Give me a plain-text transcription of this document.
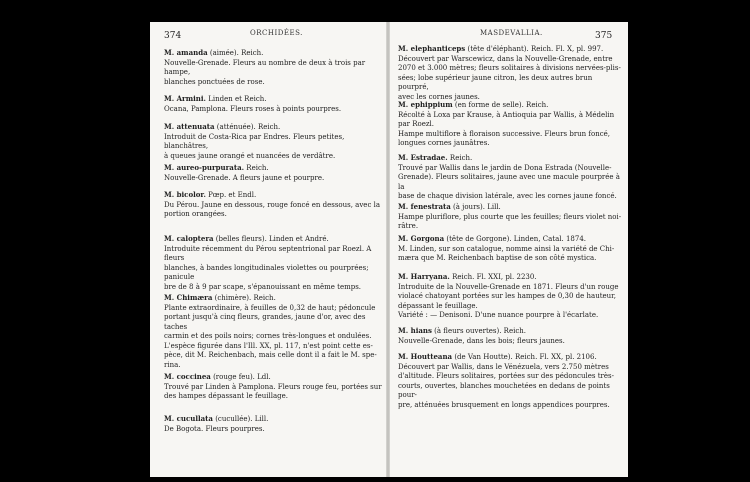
374	ORCHIDÉES.

M. amanda (aimée). Reich.

Nouvelle-Grenade. Fleurs au nombre de deux à trois par hampe,

blanches ponctuées de rose.

M. Armini. Linden et Reich.

Ocana, Pamplona. Fleurs roses à points pourpres.

M. attenuata (atténuée). Reich.

Introduit de Costa-Rica par Endres. Fleurs petites, blanchâtres,

à queues jaune orangé et nuancées de verdâtre.

M. aureo-purpurata. Reich.

Nouvelle-Grenade. A fleurs jaune et pourpre.

M. bicolor. Pœp. et Endl.

Du Pérou. Jaune en dessous, rouge foncé en dessous, avec la

portion orangées.

M. caloptera (belles fleurs). Linden et André.

Introduite récemment du Pérou septentrional par Roezl. A fleurs

blanches, à bandes longitudinales violettes ou pourprées; panicule

bre de 8 à 9 par scape, s'épanouissant en même temps.

M. Chimæra (chimère). Reich.

Plante extraordinaire, à feuilles de 0,32 de haut; pédoncule

portant jusqu'à cinq fleurs, grandes, jaune d'or, avec des taches

carmin et des poils noirs; cornes très-longues et ondulées.

L'espèce figurée dans l'Ill. XX, pl. 117, n'est point cette es-

pèce, dit M. Reichenbach, mais celle dont il a fait le M. spe-

rina.

M. coccinea (rouge feu). Ldl.

Trouvé par Linden à Pamplona. Fleurs rouge feu, portées sur

des hampes dépassant le feuillage.

M. cucullata (cucullée). Lill.

De Bogota. Fleurs pourpres.

MASDEVALLIA.	375

M. elephanticeps (tête d'éléphant). Reich. Fl. X, pl. 997.

Découvert par Warscewicz, dans la Nouvelle-Grenade, entre

2070 et 3.000 mètres; fleurs solitaires à divisions nervées-plis-

sées; lobe supérieur jaune citron, les deux autres brun pourpré,

avec les cornes jaunes.

M. ephippium (en forme de selle). Reich.

Récolté à Loxa par Krause, à Antioquia par Wallis, à Médelin

par Roezl.

Hampe multiflore à floraison successive. Fleurs brun foncé,

longues cornes jaunâtres.

M. Estradae. Reich.

Trouvé par Wallis dans le jardin de Dona Estrada (Nouvelle-

Grenade). Fleurs solitaires, jaune avec une macule pourprée à la

base de chaque division latérale, avec les cornes jaune foncé.

M. fenestrata (à jours). Lill.

Hampe pluriflore, plus courte que les feuilles; fleurs violet noi-

râtre.

M. Gorgona (tête de Gorgone). Linden, Catal. 1874.

M. Linden, sur son catalogue, nomme ainsi la variété de Chi-

mæra que M. Reichenbach baptise de son côté mystica.

M. Harryana. Reich. Fl. XXI, pl. 2230.

Introduite de la Nouvelle-Grenade en 1871. Fleurs d'un rouge

violacé chatoyant portées sur les hampes de 0,30 de hauteur,

dépassant le feuillage.

Variété : — Denisoni. D'une nuance pourpre à l'écarlate.

M. hians (à fleurs ouvertes). Reich.

Nouvelle-Grenade, dans les bois; fleurs jaunes.

M. Houtteana (de Van Houtte). Reich. Fl. XX, pl. 2106.

Découvert par Wallis, dans le Vénézuela, vers 2.750 mètres

d'altitude. Fleurs solitaires, portées sur des pédoncules très-

courts, ouvertes, blanches mouchetées en dedans de points pour-

pre, atténuées brusquement en longs appendices pourpres.
